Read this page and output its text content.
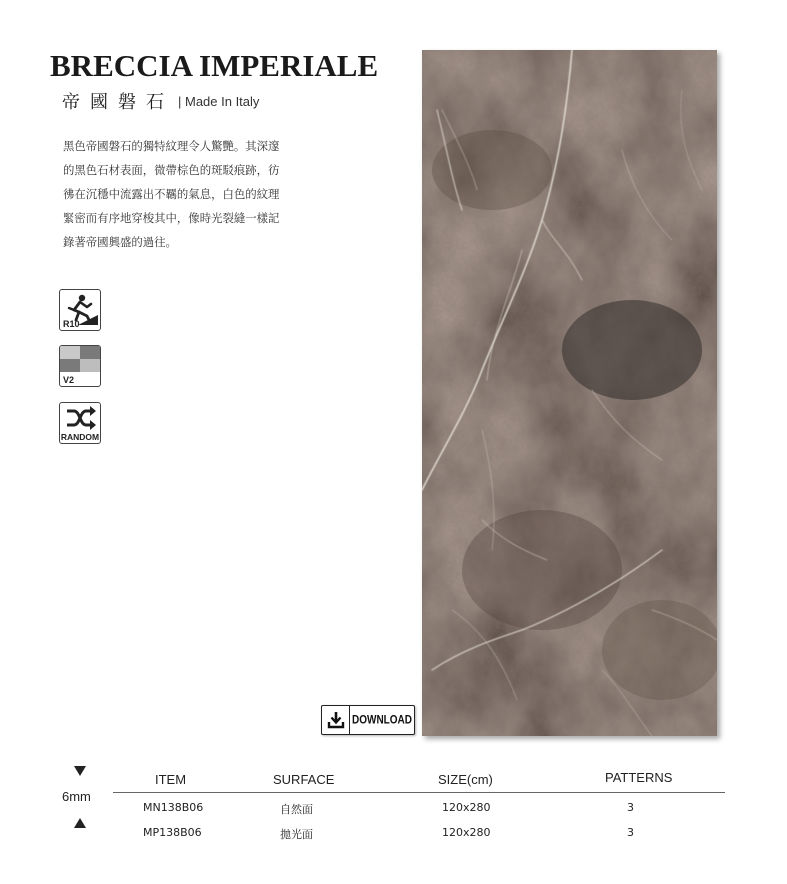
BRECCIA IMPERIALE
帝國磐石 | Made In Italy
黑色帝國磐石的獨特紋理令人驚艷。其深邃
的黑色石材表面，微帶棕色的斑駁痕跡，彷
彿在沉穩中流露出不羈的氣息，白色的紋理
緊密而有序地穿梭其中，像時光裂縫一樣記
錄著帝國興盛的過往。
R10
V2
RANDOM
DOWNLOAD
6mm
ITEM	SURFACE	SIZE(cm)	PATTERNS
MN138B06	自然面	120x280	3
MP138B06	拋光面	120x280	3
